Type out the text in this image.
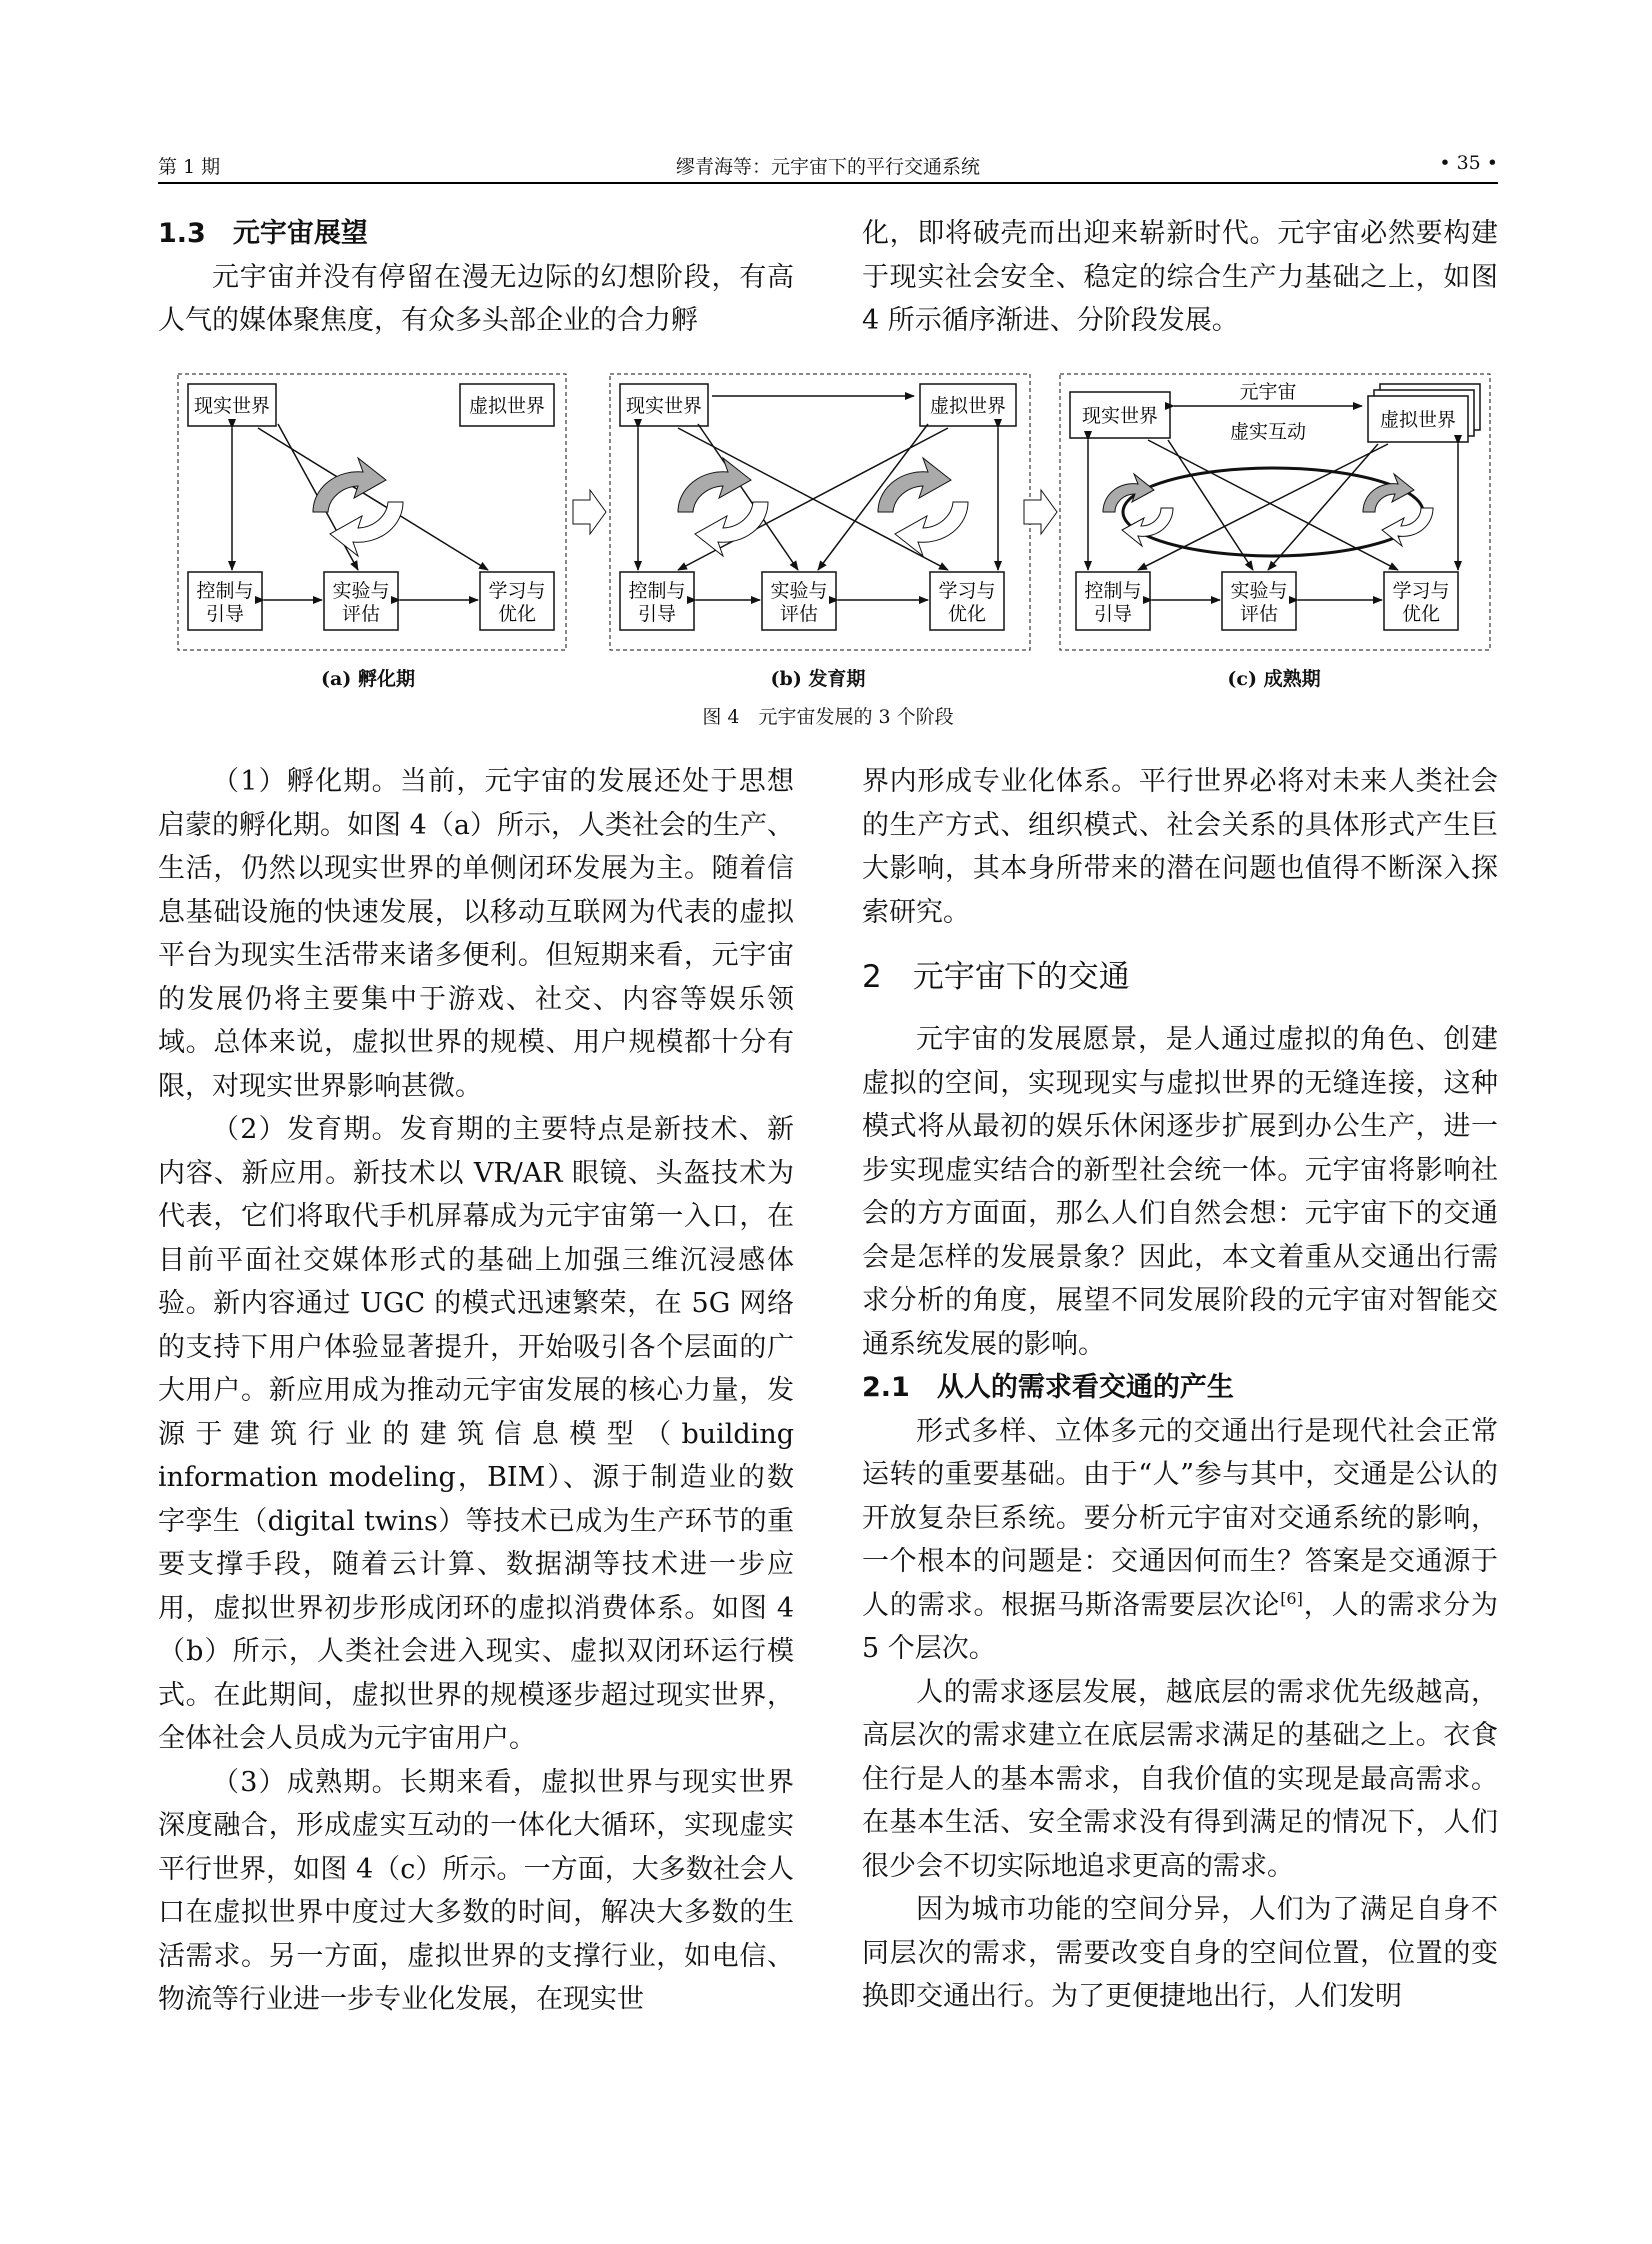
第 1 期	缪青海等：元宇宙下的平行交通系统	• 35 •

1.3　元宇宙展望

元宇宙并没有停留在漫无边际的幻想阶段，有高人气的媒体聚焦度，有众多头部企业的合力孵

化，即将破壳而出迎来崭新时代。元宇宙必然要构建于现实社会安全、稳定的综合生产力基础之上，如图 4 所示循序渐进、分阶段发展。

现实世界	虚拟世界
控制与
引导
实验与
评估
学习与
优化
现实世界	虚拟世界
控制与
引导
实验与
评估
学习与
优化
现实世界	虚拟世界
元宇宙
虚实互动
控制与
引导
实验与
评估
学习与
优化
(a) 孵化期	(b) 发育期	(c) 成熟期
图 4　元宇宙发展的 3 个阶段

（1）孵化期。当前，元宇宙的发展还处于思想启蒙的孵化期。如图 4（a）所示，人类社会的生产、生活，仍然以现实世界的单侧闭环发展为主。随着信息基础设施的快速发展，以移动互联网为代表的虚拟平台为现实生活带来诸多便利。但短期来看，元宇宙的发展仍将主要集中于游戏、社交、内容等娱乐领域。总体来说，虚拟世界的规模、用户规模都十分有限，对现实世界影响甚微。

（2）发育期。发育期的主要特点是新技术、新内容、新应用。新技术以 VR/AR 眼镜、头盔技术为代表，它们将取代手机屏幕成为元宇宙第一入口，在目前平面社交媒体形式的基础上加强三维沉浸感体验。新内容通过 UGC 的模式迅速繁荣，在 5G 网络的支持下用户体验显著提升，开始吸引各个层面的广大用户。新应用成为推动元宇宙发展的核心力量，发源于建筑行业的建筑信息模型（building information modeling，BIM）、源于制造业的数字孪生（digital twins）等技术已成为生产环节的重要支撑手段，随着云计算、数据湖等技术进一步应用，虚拟世界初步形成闭环的虚拟消费体系。如图 4（b）所示，人类社会进入现实、虚拟双闭环运行模式。在此期间，虚拟世界的规模逐步超过现实世界，全体社会人员成为元宇宙用户。

（3）成熟期。长期来看，虚拟世界与现实世界深度融合，形成虚实互动的一体化大循环，实现虚实平行世界，如图 4（c）所示。一方面，大多数社会人口在虚拟世界中度过大多数的时间，解决大多数的生活需求。另一方面，虚拟世界的支撑行业，如电信、物流等行业进一步专业化发展，在现实世

界内形成专业化体系。平行世界必将对未来人类社会的生产方式、组织模式、社会关系的具体形式产生巨大影响，其本身所带来的潜在问题也值得不断深入探索研究。

2　元宇宙下的交通

元宇宙的发展愿景，是人通过虚拟的角色、创建虚拟的空间，实现现实与虚拟世界的无缝连接，这种模式将从最初的娱乐休闲逐步扩展到办公生产，进一步实现虚实结合的新型社会统一体。元宇宙将影响社会的方方面面，那么人们自然会想：元宇宙下的交通会是怎样的发展景象？因此，本文着重从交通出行需求分析的角度，展望不同发展阶段的元宇宙对智能交通系统发展的影响。

2.1　从人的需求看交通的产生

形式多样、立体多元的交通出行是现代社会正常运转的重要基础。由于“人”参与其中，交通是公认的开放复杂巨系统。要分析元宇宙对交通系统的影响，一个根本的问题是：交通因何而生？答案是交通源于人的需求。根据马斯洛需要层次论[6]，人的需求分为 5 个层次。

人的需求逐层发展，越底层的需求优先级越高，高层次的需求建立在底层需求满足的基础之上。衣食住行是人的基本需求，自我价值的实现是最高需求。在基本生活、安全需求没有得到满足的情况下，人们很少会不切实际地追求更高的需求。

因为城市功能的空间分异，人们为了满足自身不同层次的需求，需要改变自身的空间位置，位置的变换即交通出行。为了更便捷地出行，人们发明
